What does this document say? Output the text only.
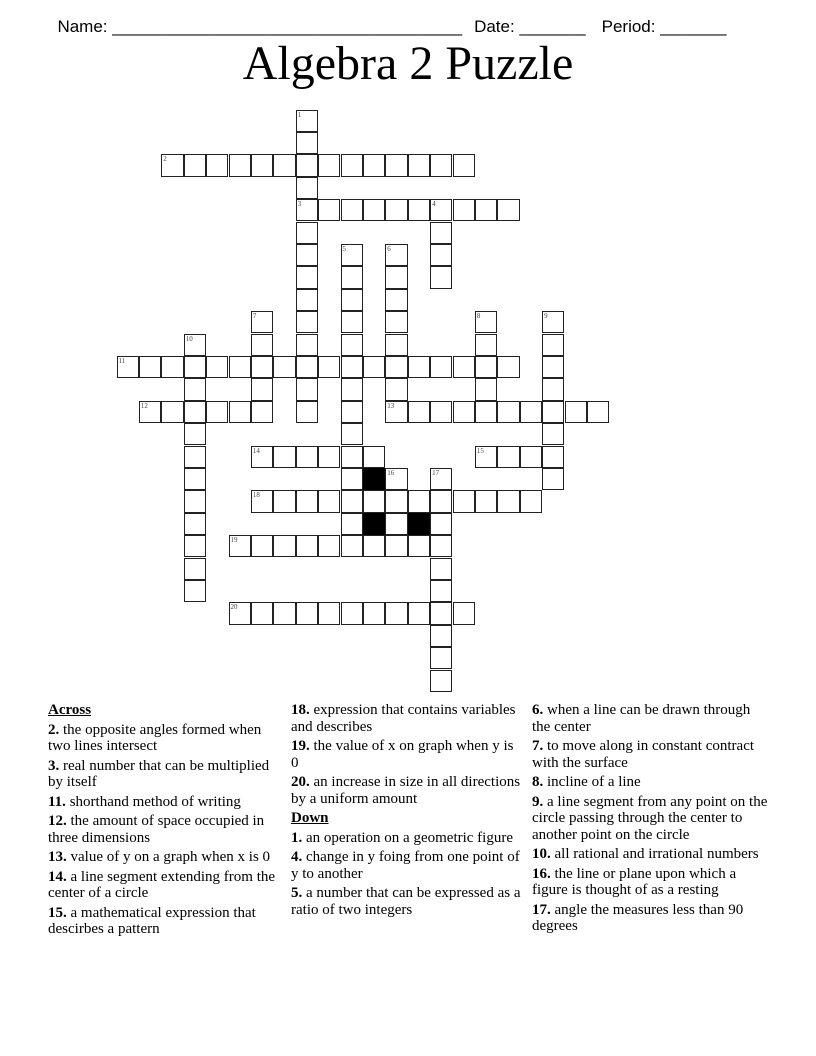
Name: _____________________________________ Date: _______ Period: _______

Algebra 2 Puzzle
1
3
2
4
5	6
13
7	8	9
10
11
12
14	15
16	17
18
19
20
Across
2. the opposite angles formed when two lines intersect
3. real number that can be multiplied by itself
11. shorthand method of writing
12. the amount of space occupied in three dimensions
13. value of y on a graph when x is 0
14. a line segment extending from the center of a circle
15. a mathematical expression that descirbes a pattern
18. expression that contains variables and describes
19. the value of x on graph when y is 0
20. an increase in size in all directions by a uniform amount
Down
1. an operation on a geometric figure
4. change in y foing from one point of y to another
5. a number that can be expressed as a ratio of two integers
6. when a line can be drawn through the center
7. to move along in constant contract with the surface
8. incline of a line
9. a line segment from any point on the circle passing through the center to another point on the circle
10. all rational and irrational numbers
16. the line or plane upon which a figure is thought of as a resting
17. angle the measures less than 90 degrees
